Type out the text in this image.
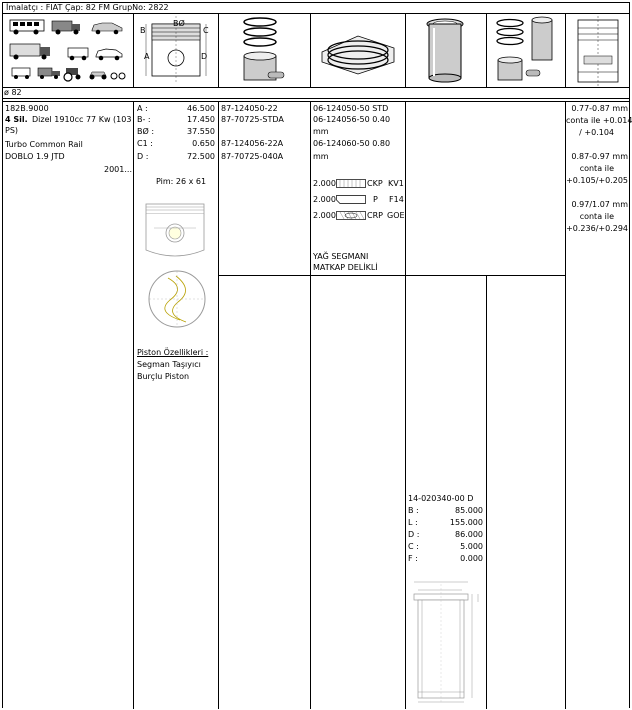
İmalatçı : FIAT Çap: 82 FM GrupNo: 2822
B
BØ
C
A	D
ø 82
182B.9000
4 Sil. Dizel 1910cc 77 Kw (103
PS)
Turbo Common Rail
DOBLO 1.9 JTD
2001...
A :	46.500
B- :	17.450
BØ :	37.550
C1 :	0.650
D :	72.500
Pim: 26 x 61
Piston Özellikleri :
Segman Taşıyıcı
Burçlu Piston
87-124050-22
87-70725-STDA
87-124056-22A
87-70725-040A
06-124050-50 STD
06-124056-50 0.40
mm
06-124060-50 0.80
mm
2.000	CKP KV1
2.000	P F14
2.000	CRP GOE
YAĞ SEGMANI
MATKAP DELİKLİ
0.77-0.87 mm
conta ile +0.014
/ +0.104
0.87-0.97 mm
conta ile
+0.105/+0.205
0.97/1.07 mm
conta ile
+0.236/+0.294
14-020340-00 D
B :	85.000
L :	155.000
D :	86.000
C :	5.000
F :	0.000
